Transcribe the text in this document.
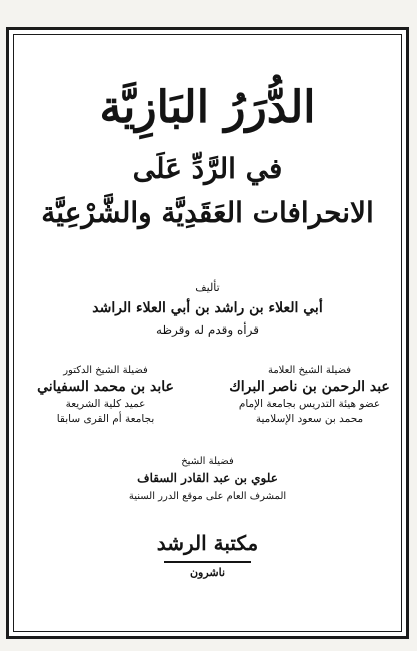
الدُّرَرُ البَازِيَّة
في الرَّدِّ عَلَى
الانحرافات العَقَدِيَّة والشَّرْعِيَّة
تأليف
أبي العلاء بن راشد بن أبي العلاء الراشد
قرأه وقدم له وقرظه
فضيلة الشيخ العلامة
عبد الرحمن بن ناصر البراك
عضو هيئة التدريس بجامعة الإمام
محمد بن سعود الإسلامية
فضيلة الشيخ الدكتور
عابد بن محمد السفياني
عميد كلية الشريعة
بجامعة أم القرى سابقا
فضيلة الشيخ
علوي بن عبد القادر السقاف
المشرف العام على موقع الدرر السنية
مكتبة الرشد
ناشرون
